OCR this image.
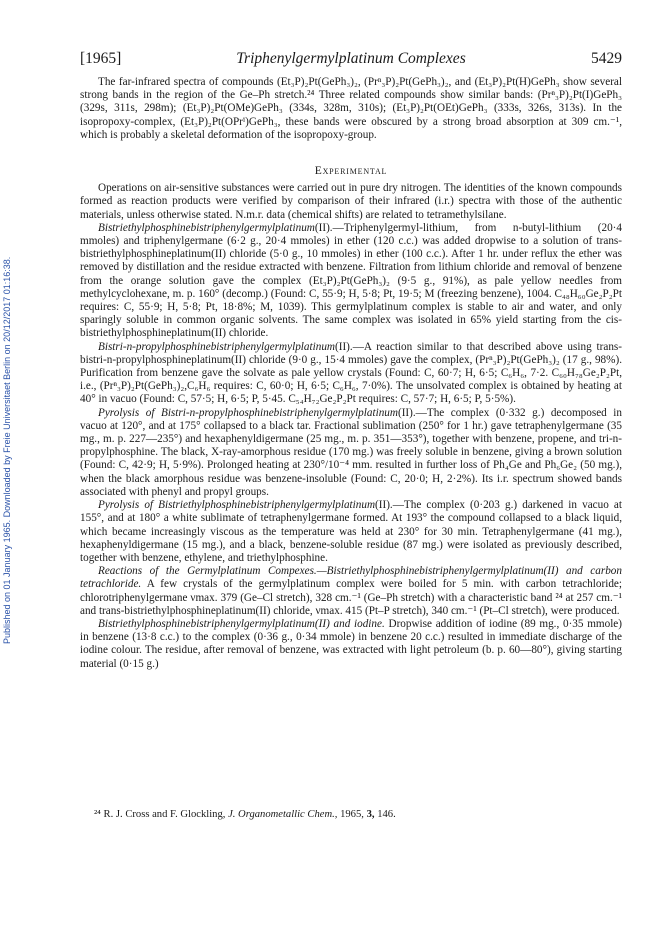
Published on 01 January 1965. Downloaded by Freie Universitaet Berlin on 20/12/2017 01:16:38.
[1965]	Triphenylgermylplatinum Complexes	5429

The far-infrared spectra of compounds (Et₃P)₂Pt(GePh₃)₂, (Prⁿ₃P)₂Pt(GePh₃)₂, and (Et₃P)₂Pt(H)GePh₃ show several strong bands in the region of the Ge–Ph stretch.²⁴ Three related compounds show similar bands: (Prⁿ₃P)₂Pt(I)GePh₃ (329s, 311s, 298m); (Et₃P)₂Pt(OMe)GePh₃ (334s, 328m, 310s); (Et₃P)₂Pt(OEt)GePh₃ (333s, 326s, 313s). In the isopropoxy-complex, (Et₃P)₂Pt(OPrⁱ)GePh₃, these bands were obscured by a strong broad absorption at 309 cm.⁻¹, which is probably a skeletal deformation of the isopropoxy-group.

Experimental

Operations on air-sensitive substances were carried out in pure dry nitrogen. The identities of the known compounds formed as reaction products were verified by comparison of their infrared (i.r.) spectra with those of the authentic materials, unless otherwise stated. N.m.r. data (chemical shifts) are related to tetramethylsilane.

Bistriethylphosphinebistriphenylgermylplatinum(II).—Triphenylgermyl-lithium, from n-butyl-lithium (20·4 mmoles) and triphenylgermane (6·2 g., 20·4 mmoles) in ether (120 c.c.) was added dropwise to a solution of trans-bistriethylphosphineplatinum(II) chloride (5·0 g., 10 mmoles) in ether (100 c.c.). After 1 hr. under reflux the ether was removed by distillation and the residue extracted with benzene. Filtration from lithium chloride and removal of benzene from the orange solution gave the complex (Et₃P)₂Pt(GePh₃)₂ (9·5 g., 91%), as pale yellow needles from methylcyclohexane, m. p. 160° (decomp.) (Found: C, 55·9; H, 5·8; Pt, 19·5; M (freezing benzene), 1004. C₄₈H₆₀Ge₂P₂Pt requires: C, 55·9; H, 5·8; Pt, 18·8%; M, 1039). This germylplatinum complex is stable to air and water, and only sparingly soluble in common organic solvents. The same complex was isolated in 65% yield starting from the cis-bistriethylphosphineplatinum(II) chloride.

Bistri-n-propylphosphinebistriphenylgermylplatinum(II).—A reaction similar to that described above using trans-bistri-n-propylphosphineplatinum(II) chloride (9·0 g., 15·4 mmoles) gave the complex, (Prⁿ₃P)₂Pt(GePh₃)₂ (17 g., 98%). Purification from benzene gave the solvate as pale yellow crystals (Found: C, 60·7; H, 6·5; C₆H₆, 7·2. C₆₀H₇₈Ge₂P₂Pt, i.e., (Prⁿ₃P)₂Pt(GePh₃)₂,C₆H₆ requires: C, 60·0; H, 6·5; C₆H₆, 7·0%). The unsolvated complex is obtained by heating at 40° in vacuo (Found: C, 57·5; H, 6·5; P, 5·45. C₅₄H₇₂Ge₂P₂Pt requires: C, 57·7; H, 6·5; P, 5·5%).

Pyrolysis of Bistri-n-propylphosphinebistriphenylgermylplatinum(II).—The complex (0·332 g.) decomposed in vacuo at 120°, and at 175° collapsed to a black tar. Fractional sublimation (250° for 1 hr.) gave tetraphenylgermane (35 mg., m. p. 227—235°) and hexaphenyldigermane (25 mg., m. p. 351—353°), together with benzene, propene, and tri-n-propylphosphine. The black, X-ray-amorphous residue (170 mg.) was freely soluble in benzene, giving a brown solution (Found: C, 42·9; H, 5·9%). Prolonged heating at 230°/10⁻⁴ mm. resulted in further loss of Ph₄Ge and Ph₆Ge₂ (50 mg.), when the black amorphous residue was benzene-insoluble (Found: C, 20·0; H, 2·2%). Its i.r. spectrum showed bands associated with phenyl and propyl groups.

Pyrolysis of Bistriethylphosphinebistriphenylgermylplatinum(II).—The complex (0·203 g.) darkened in vacuo at 155°, and at 180° a white sublimate of tetraphenylgermane formed. At 193° the compound collapsed to a black liquid, which became increasingly viscous as the temperature was held at 230° for 30 min. Tetraphenylgermane (41 mg.), hexaphenyldigermane (15 mg.), and a black, benzene-soluble residue (87 mg.) were isolated as previously described, together with benzene, ethylene, and triethylphosphine.

Reactions of the Germylplatinum Compexes.—Bistriethylphosphinebistriphenylgermylplatinum(II) and carbon tetrachloride. A few crystals of the germylplatinum complex were boiled for 5 min. with carbon tetrachloride; chlorotriphenylgermane νmax. 379 (Ge–Cl stretch), 328 cm.⁻¹ (Ge–Ph stretch) with a characteristic band ²⁴ at 257 cm.⁻¹ and trans-bistriethylphosphineplatinum(II) chloride, νmax. 415 (Pt–P stretch), 340 cm.⁻¹ (Pt–Cl stretch), were produced.

Bistriethylphosphinebistriphenylgermylplatinum(II) and iodine. Dropwise addition of iodine (89 mg., 0·35 mmole) in benzene (13·8 c.c.) to the complex (0·36 g., 0·34 mmole) in benzene 20 c.c.) resulted in immediate discharge of the iodine colour. The residue, after removal of benzene, was extracted with light petroleum (b. p. 60—80°), giving starting material (0·15 g.)

²⁴ R. J. Cross and F. Glockling, J. Organometallic Chem., 1965, 3, 146.
